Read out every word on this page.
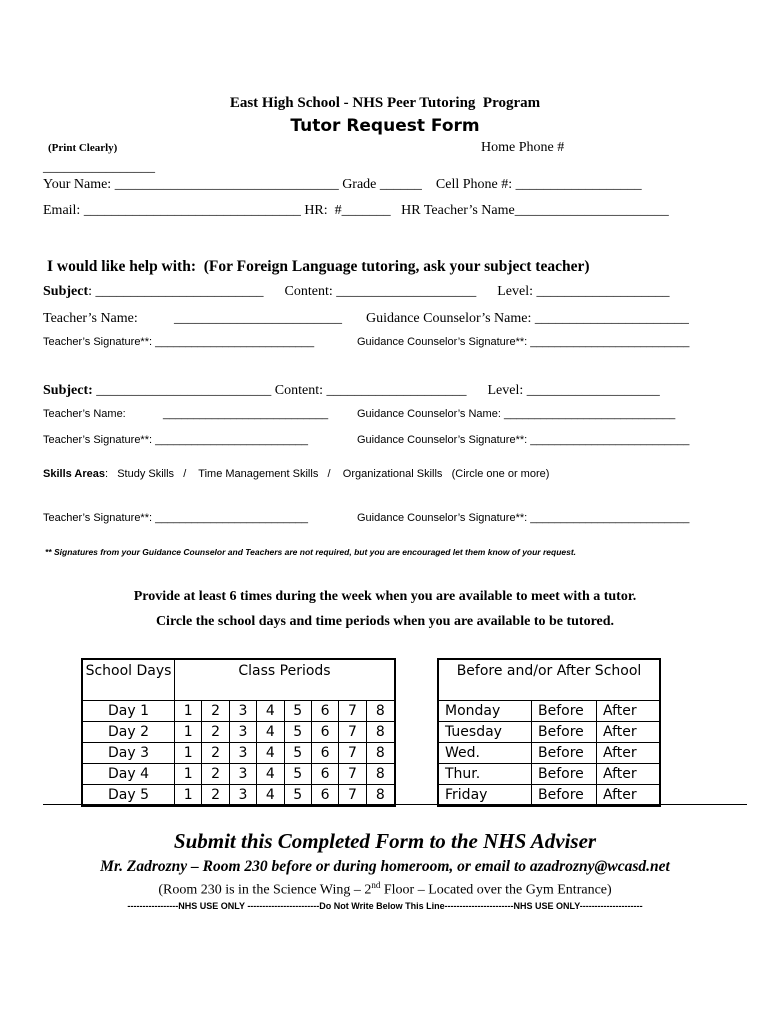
East High School - NHS Peer Tutoring  Program
Tutor Request Form
(Print Clearly)	Home Phone #
________________
Your Name: ________________________________ Grade ______    Cell Phone #: __________________
Email: _______________________________ HR:  #_______   HR Teacher’s Name______________________
I would like help with:  (For Foreign Language tutoring, ask your subject teacher)
Subject: ________________________      Content: ____________________      Level: ___________________
Teacher’s Name:	________________________ Guidance Counselor’s Name: ______________________
Teacher’s Signature**: __________________________	Guidance Counselor’s Signature**: __________________________
Subject: _________________________ Content: ____________________      Level: ___________________
Teacher’s Name:	___________________________	Guidance Counselor’s Name: ____________________________
Teacher’s Signature**: _________________________	Guidance Counselor’s Signature**: __________________________
Skills Areas:   Study Skills   /    Time Management Skills   /    Organizational Skills   (Circle one or more)
Teacher’s Signature**: _________________________	Guidance Counselor’s Signature**: __________________________
** Signatures from your Guidance Counselor and Teachers are not required, but you are encouraged let them know of your request.
Provide at least 6 times during the week when you are available to meet with a tutor.
Circle the school days and time periods when you are available to be tutored.
School Days	Class Periods							
Day 1	1	2	3	4	5	6	7	8
Day 2	1	2	3	4	5	6	7	8
Day 3	1	2	3	4	5	6	7	8
Day 4	1	2	3	4	5	6	7	8
Day 5	1	2	3	4	5	6	7	8
Before and/or After School		
Monday	Before	After
Tuesday	Before	After
Wed.	Before	After
Thur.	Before	After
Friday	Before	After
Submit this Completed Form to the NHS Adviser
Mr. Zadrozny – Room 230 before or during homeroom, or email to azadrozny@wcasd.net
(Room 230 is in the Science Wing – 2nd Floor – Located over the Gym Entrance)
-----------------NHS USE ONLY ------------------------Do Not Write Below This Line-----------------------NHS USE ONLY---------------------
